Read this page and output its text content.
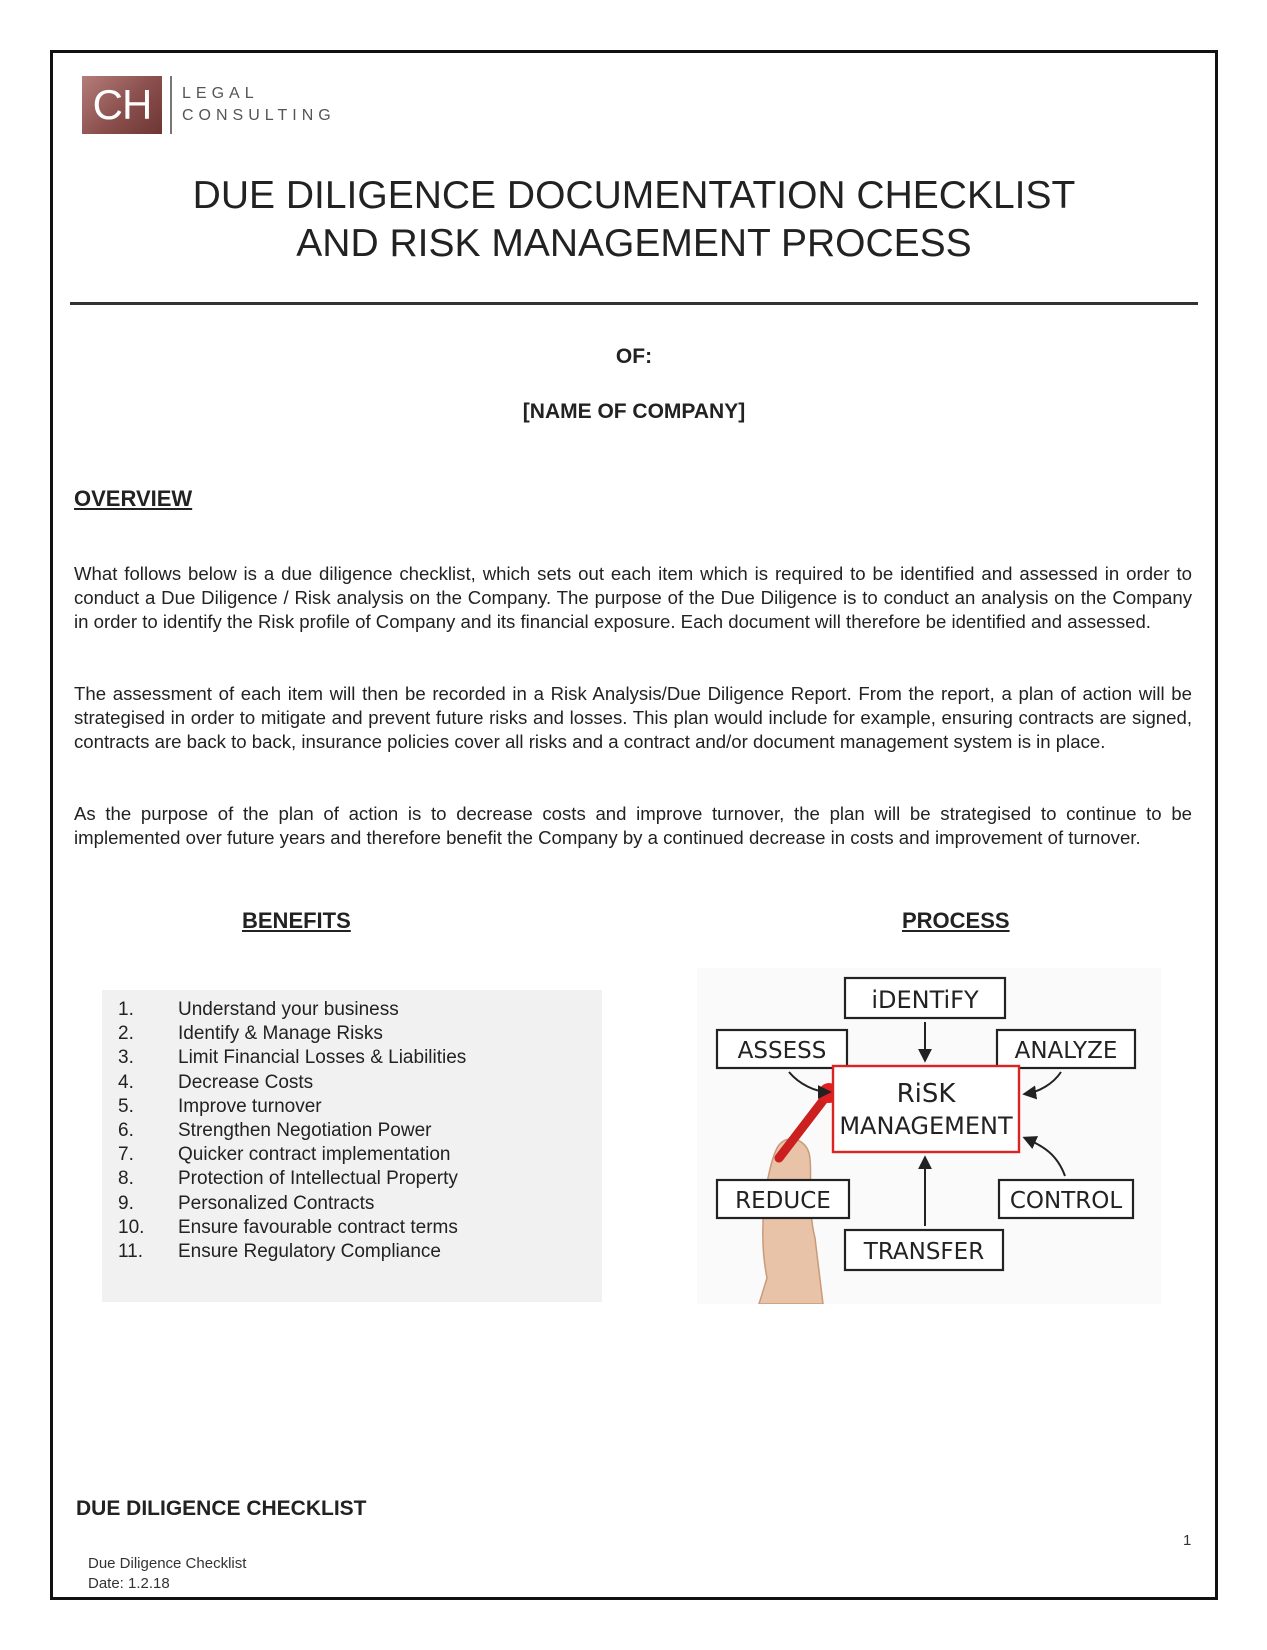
CH	LEGAL
CONSULTING
DUE DILIGENCE DOCUMENTATION CHECKLIST
AND RISK MANAGEMENT PROCESS
OF:
[NAME OF COMPANY]
OVERVIEW
What follows below is a due diligence checklist, which sets out each item which is required to be identified and assessed in order to conduct a Due Diligence / Risk analysis on the Company. The purpose of the Due Diligence is to conduct an analysis on the Company in order to identify the Risk profile of Company and its financial exposure. Each document will therefore be identified and assessed.
The assessment of each item will then be recorded in a Risk Analysis/Due Diligence Report. From the report, a plan of action will be strategised in order to mitigate and prevent future risks and losses. This plan would include for example, ensuring contracts are signed, contracts are back to back, insurance policies cover all risks and a contract and/or document management system is in place.
As the purpose of the plan of action is to decrease costs and improve turnover, the plan will be strategised to continue to be implemented over future years and therefore benefit the Company by a continued decrease in costs and improvement of turnover.
BENEFITS	PROCESS
1.	Understand your business
2.	Identify & Manage Risks
3.	Limit Financial Losses & Liabilities
4.	Decrease Costs
5.	Improve turnover
6.	Strengthen Negotiation Power
7.	Quicker contract implementation
8.	Protection of Intellectual Property
9.	Personalized Contracts
10.	Ensure favourable contract terms
11.	Ensure Regulatory Compliance
iDENTiFY
ASSESS	ANALYZE
REDUCE	CONTROL
TRANSFER
RiSK
MANAGEMENT
DUE DILIGENCE CHECKLIST
1
Due Diligence Checklist
Date: 1.2.18
